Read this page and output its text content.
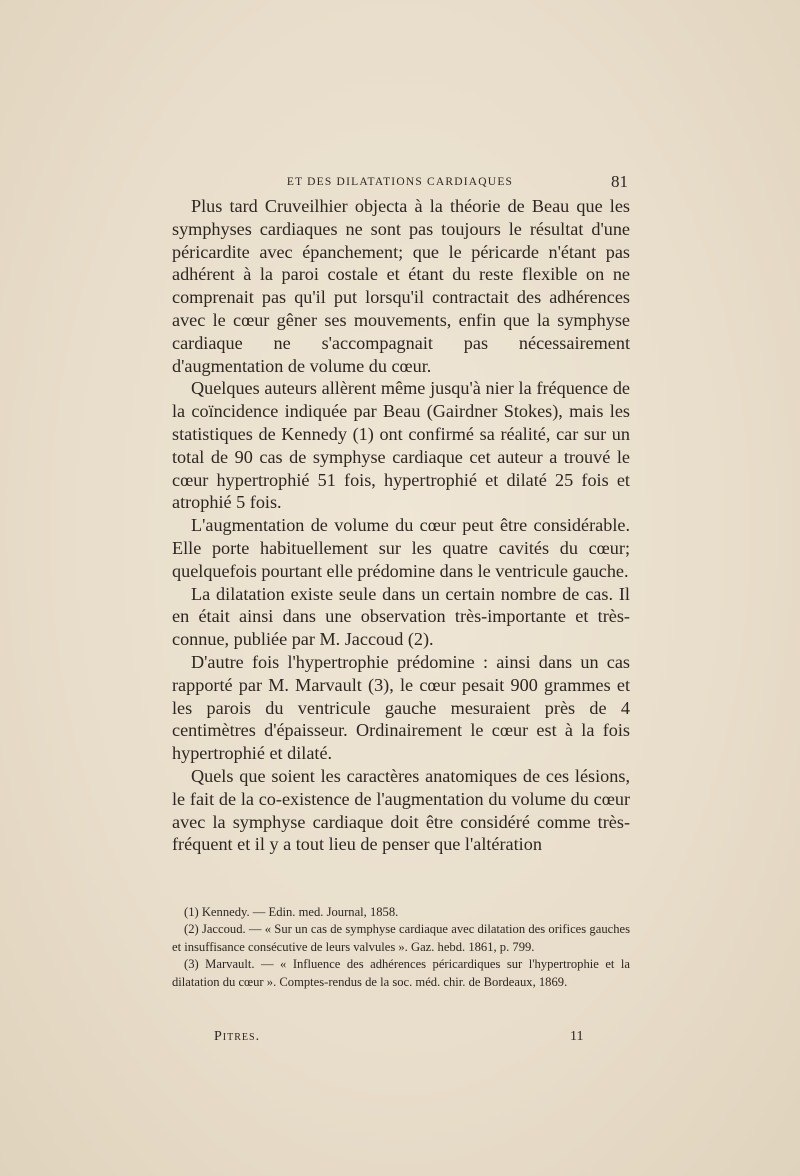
ET DES DILATATIONS CARDIAQUES	81

Plus tard Cruveilhier objecta à la théorie de Beau que les symphyses cardiaques ne sont pas toujours le résultat d'une péricardite avec épanchement; que le péricarde n'étant pas adhérent à la paroi costale et étant du reste flexible on ne comprenait pas qu'il put lorsqu'il contractait des adhérences avec le cœur gêner ses mouvements, enfin que la symphyse cardiaque ne s'accompagnait pas nécessairement d'augmentation de volume du cœur.

Quelques auteurs allèrent même jusqu'à nier la fréquence de la coïncidence indiquée par Beau (Gairdner Stokes), mais les statistiques de Kennedy (1) ont confirmé sa réalité, car sur un total de 90 cas de symphyse cardiaque cet auteur a trouvé le cœur hypertrophié 51 fois, hypertrophié et dilaté 25 fois et atrophié 5 fois.

L'augmentation de volume du cœur peut être considérable. Elle porte habituellement sur les quatre cavités du cœur; quelquefois pourtant elle prédomine dans le ventricule gauche.

La dilatation existe seule dans un certain nombre de cas. Il en était ainsi dans une observation très-importante et très-connue, publiée par M. Jaccoud (2).

D'autre fois l'hypertrophie prédomine : ainsi dans un cas rapporté par M. Marvault (3), le cœur pesait 900 grammes et les parois du ventricule gauche mesuraient près de 4 centimètres d'épaisseur. Ordinairement le cœur est à la fois hypertrophié et dilaté.

Quels que soient les caractères anatomiques de ces lésions, le fait de la co-existence de l'augmentation du volume du cœur avec la symphyse cardiaque doit être considéré comme très-fréquent et il y a tout lieu de penser que l'altération

(1) Kennedy. — Edin. med. Journal, 1858.

(2) Jaccoud. — « Sur un cas de symphyse cardiaque avec dilatation des orifices gauches et insuffisance consécutive de leurs valvules ». Gaz. hebd. 1861, p. 799.

(3) Marvault. — « Influence des adhérences péricardiques sur l'hypertrophie et la dilatation du cœur ». Comptes-rendus de la soc. méd. chir. de Bordeaux, 1869.

Pitres.	11
